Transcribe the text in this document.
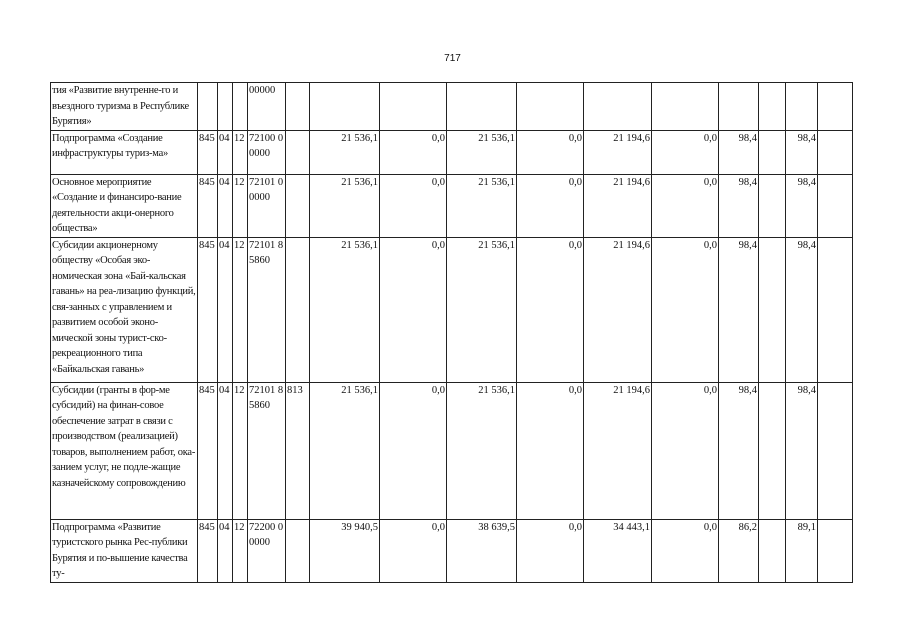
717
тия «Развитие внутренне-го и въездного туризма в Республике Бурятия»				00000											
Подпрограмма «Создание инфраструктуры туриз-ма»	845	04	12	72100 00000		21 536,1	0,0	21 536,1	0,0	21 194,6	0,0	98,4		98,4	
Основное мероприятие «Создание и финансиро-вание деятельности акци-онерного общества»	845	04	12	72101 00000		21 536,1	0,0	21 536,1	0,0	21 194,6	0,0	98,4		98,4	
Субсидии акционерному обществу «Особая эко-номическая зона «Бай-кальская гавань» на реа-лизацию функций, свя-занных с управлением и развитием особой эконо-мической зоны турист-ско-рекреационного типа «Байкальская гавань»	845	04	12	72101 85860		21 536,1	0,0	21 536,1	0,0	21 194,6	0,0	98,4		98,4	
Субсидии (гранты в фор-ме субсидий) на финан-совое обеспечение затрат в связи с производством (реализацией) товаров, выполнением работ, ока-занием услуг, не подле-жащие казначейскому сопровождению	845	04	12	72101 85860	813	21 536,1	0,0	21 536,1	0,0	21 194,6	0,0	98,4		98,4	
Подпрограмма «Развитие туристского рынка Рес-публики Бурятия и по-вышение качества ту-	845	04	12	72200 00000		39 940,5	0,0	38 639,5	0,0	34 443,1	0,0	86,2		89,1	
